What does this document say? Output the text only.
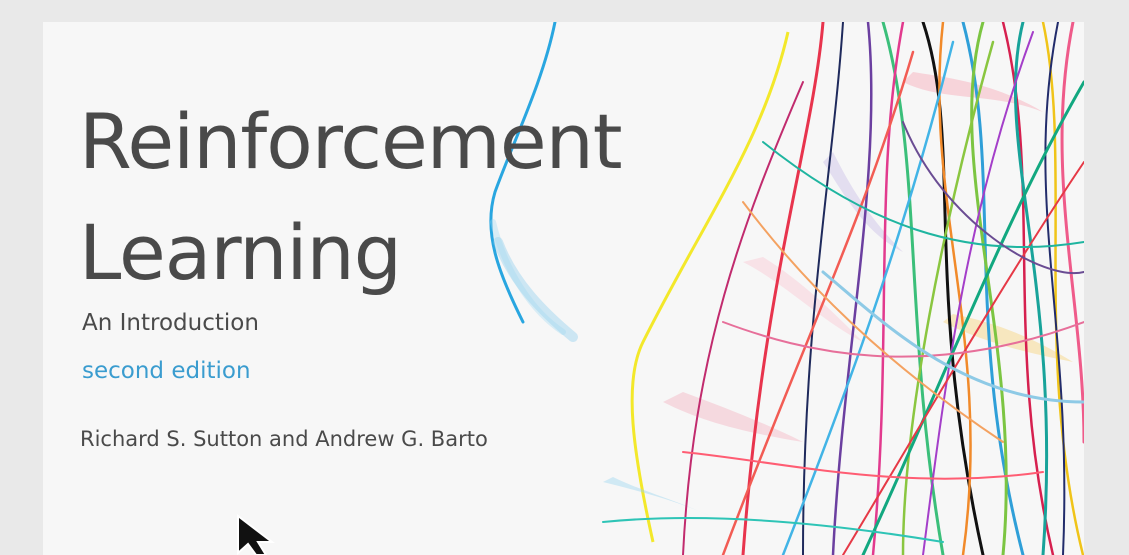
Reinforcement
Learning

An Introduction

second edition

Richard S. Sutton and Andrew G. Barto
